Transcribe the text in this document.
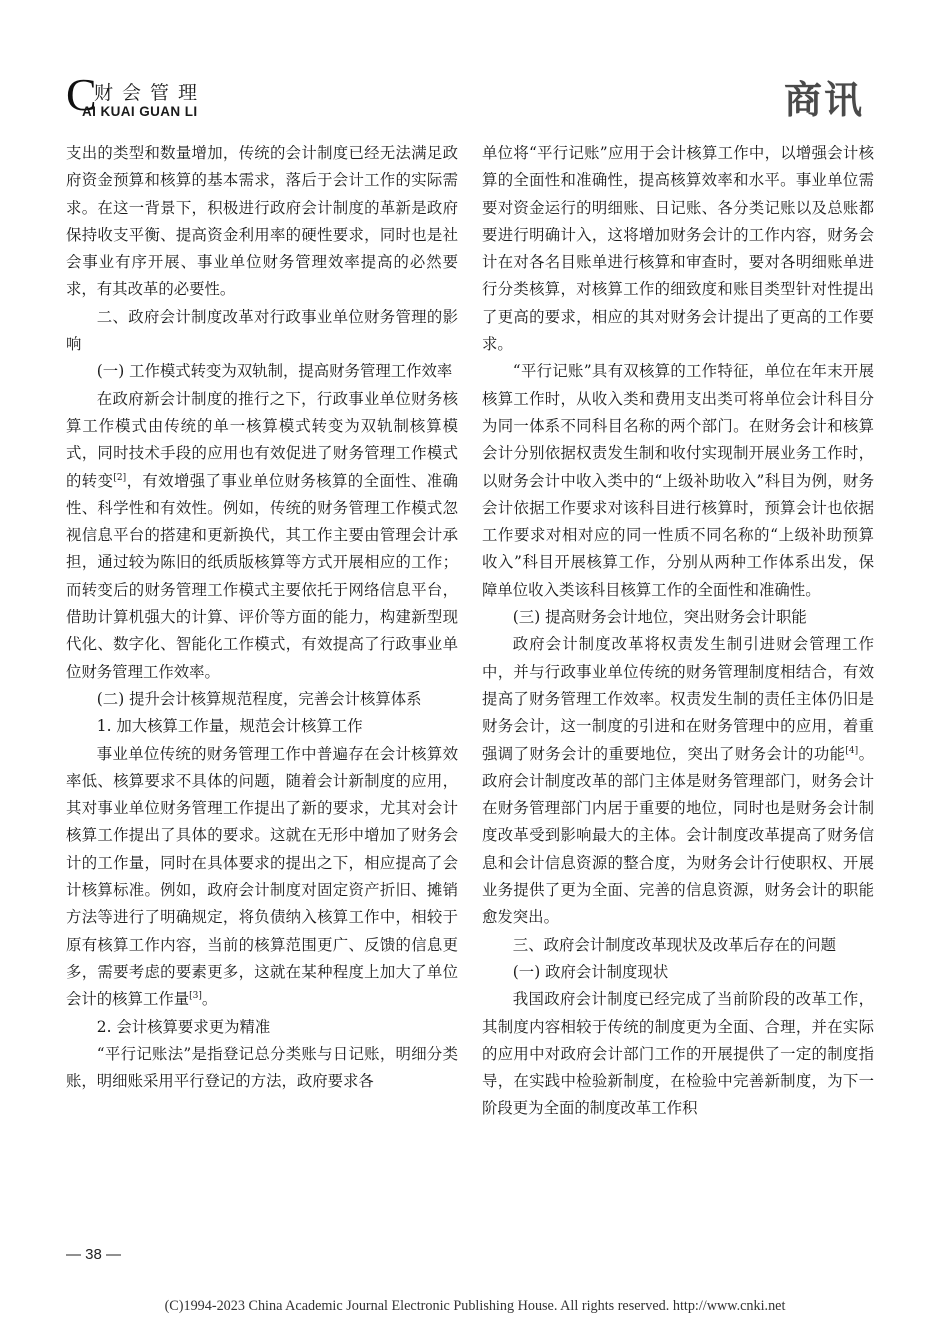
C
财会管理
AI KUAI GUAN LI	商讯

支出的类型和数量增加，传统的会计制度已经无法满足政府资金预算和核算的基本需求，落后于会计工作的实际需求。在这一背景下，积极进行政府会计制度的革新是政府保持收支平衡、提高资金利用率的硬性要求，同时也是社会事业有序开展、事业单位财务管理效率提高的必然要求，有其改革的必要性。

二、政府会计制度改革对行政事业单位财务管理的影响

(一) 工作模式转变为双轨制，提高财务管理工作效率

在政府新会计制度的推行之下，行政事业单位财务核算工作模式由传统的单一核算模式转变为双轨制核算模式，同时技术手段的应用也有效促进了财务管理工作模式的转变[2]，有效增强了事业单位财务核算的全面性、准确性、科学性和有效性。例如，传统的财务管理工作模式忽视信息平台的搭建和更新换代，其工作主要由管理会计承担，通过较为陈旧的纸质版核算等方式开展相应的工作；而转变后的财务管理工作模式主要依托于网络信息平台，借助计算机强大的计算、评价等方面的能力，构建新型现代化、数字化、智能化工作模式，有效提高了行政事业单位财务管理工作效率。

(二) 提升会计核算规范程度，完善会计核算体系

1. 加大核算工作量，规范会计核算工作

事业单位传统的财务管理工作中普遍存在会计核算效率低、核算要求不具体的问题，随着会计新制度的应用，其对事业单位财务管理工作提出了新的要求，尤其对会计核算工作提出了具体的要求。这就在无形中增加了财务会计的工作量，同时在具体要求的提出之下，相应提高了会计核算标准。例如，政府会计制度对固定资产折旧、摊销方法等进行了明确规定，将负债纳入核算工作中，相较于原有核算工作内容，当前的核算范围更广、反馈的信息更多，需要考虑的要素更多，这就在某种程度上加大了单位会计的核算工作量[3]。

2. 会计核算要求更为精准

“平行记账法”是指登记总分类账与日记账，明细分类账，明细账采用平行登记的方法，政府要求各

单位将“平行记账”应用于会计核算工作中，以增强会计核算的全面性和准确性，提高核算效率和水平。事业单位需要对资金运行的明细账、日记账、各分类记账以及总账都要进行明确计入，这将增加财务会计的工作内容，财务会计在对各名目账单进行核算和审查时，要对各明细账单进行分类核算，对核算工作的细致度和账目类型针对性提出了更高的要求，相应的其对财务会计提出了更高的工作要求。

“平行记账”具有双核算的工作特征，单位在年末开展核算工作时，从收入类和费用支出类可将单位会计科目分为同一体系不同科目名称的两个部门。在财务会计和核算会计分别依据权责发生制和收付实现制开展业务工作时，以财务会计中收入类中的“上级补助收入”科目为例，财务会计依据工作要求对该科目进行核算时，预算会计也依据工作要求对相对应的同一性质不同名称的“上级补助预算收入”科目开展核算工作，分别从两种工作体系出发，保障单位收入类该科目核算工作的全面性和准确性。

(三) 提高财务会计地位，突出财务会计职能

政府会计制度改革将权责发生制引进财会管理工作中，并与行政事业单位传统的财务管理制度相结合，有效提高了财务管理工作效率。权责发生制的责任主体仍旧是财务会计，这一制度的引进和在财务管理中的应用，着重强调了财务会计的重要地位，突出了财务会计的功能[4]。政府会计制度改革的部门主体是财务管理部门，财务会计在财务管理部门内居于重要的地位，同时也是财务会计制度改革受到影响最大的主体。会计制度改革提高了财务信息和会计信息资源的整合度，为财务会计行使职权、开展业务提供了更为全面、完善的信息资源，财务会计的职能愈发突出。

三、政府会计制度改革现状及改革后存在的问题

(一) 政府会计制度现状

我国政府会计制度已经完成了当前阶段的改革工作，其制度内容相较于传统的制度更为全面、合理，并在实际的应用中对政府会计部门工作的开展提供了一定的制度指导，在实践中检验新制度，在检验中完善新制度，为下一阶段更为全面的制度改革工作积

— 38 —
(C)1994-2023 China Academic Journal Electronic Publishing House. All rights reserved. http://www.cnki.net
